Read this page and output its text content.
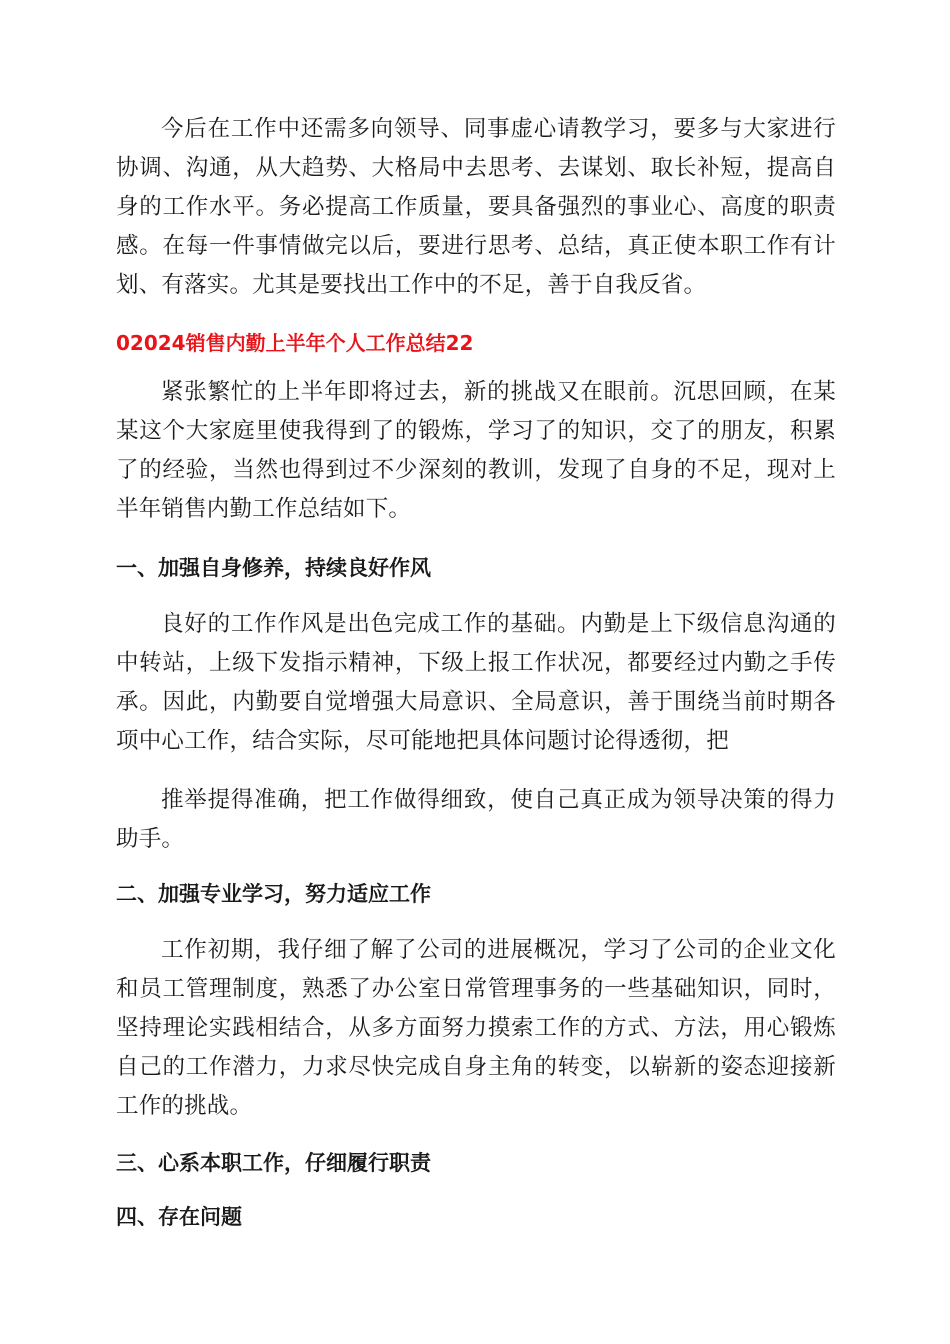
今后在工作中还需多向领导、同事虚心请教学习，要多与大家进行协调、沟通，从大趋势、大格局中去思考、去谋划、取长补短，提高自身的工作水平。务必提高工作质量，要具备强烈的事业心、高度的职责感。在每一件事情做完以后，要进行思考、总结，真正使本职工作有计划、有落实。尤其是要找出工作中的不足，善于自我反省。

02024销售内勤上半年个人工作总结22

紧张繁忙的上半年即将过去，新的挑战又在眼前。沉思回顾，在某某这个大家庭里使我得到了的锻炼，学习了的知识，交了的朋友，积累了的经验，当然也得到过不少深刻的教训，发现了自身的不足，现对上半年销售内勤工作总结如下。

一、加强自身修养，持续良好作风

良好的工作作风是出色完成工作的基础。内勤是上下级信息沟通的中转站，上级下发指示精神，下级上报工作状况，都要经过内勤之手传承。因此，内勤要自觉增强大局意识、全局意识，善于围绕当前时期各项中心工作，结合实际，尽可能地把具体问题讨论得透彻，把

推举提得准确，把工作做得细致，使自己真正成为领导决策的得力助手。

二、加强专业学习，努力适应工作

工作初期，我仔细了解了公司的进展概况，学习了公司的企业文化和员工管理制度，熟悉了办公室日常管理事务的一些基础知识，同时，坚持理论实践相结合，从多方面努力摸索工作的方式、方法，用心锻炼自己的工作潜力，力求尽快完成自身主角的转变，以崭新的姿态迎接新工作的挑战。

三、心系本职工作，仔细履行职责

四、存在问题
